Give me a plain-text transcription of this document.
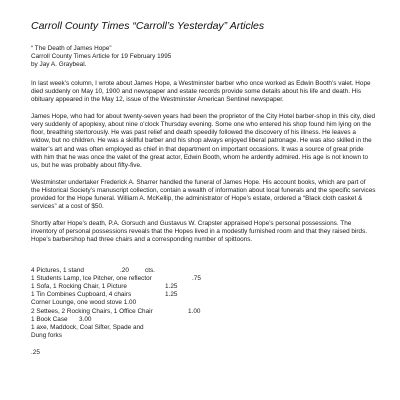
Carroll County Times “Carroll’s Yesterday” Articles
“ The Death of James Hope”
Carroll County Times Article for 19 February 1995
by Jay A. Graybeal.

In last week’s column, I wrote about James Hope, a Westminster barber who once worked as Edwin Booth’s valet. Hope died suddenly on May 10, 1900 and newspaper and estate records provide some details about his life and death. His obituary appeared in the May 12, issue of the Westminster American Sentinel newspaper.

James Hope, who had for about twenty-seven years had been the proprietor of the City Hotel barber-shop in this city, died very suddenly of apoplexy, about nine o’clock Thursday evening. Some one who entered his shop found him lying on the floor, breathing stertorously. He was past relief and death speedily followed the discovery of his illness. He leaves a widow, but no children. He was a skillful barber and his shop always enjoyed liberal patronage. He was also skilled in the waiter’s art and was often employed as chief in that department on important occasions. It was a source of great pride with him that he was once the valet of the great actor, Edwin Booth, whom he ardently admired. His age is not known to us, but he was probably about fifty-five.

Westminster undertaker Frederick A. Sharrer handled the funeral of James Hope. His account books, which are part of the Historical Society’s manuscript collection, contain a wealth of information about local funerals and the specific services provided for the Hope funeral. William A. McKellip, the administrator of Hope’s estate, ordered a “Black cloth casket & services” at a cost of $50.

Shortly after Hope’s death, P.A. Gorsuch and Gustavus W. Crapster appraised Hope’s personal possessions. The inventory of personal possessions reveals that the Hopes lived in a modestly furnished room and that they raised birds. Hope’s barbershop had three chairs and a corresponding number of spittoons.

4 Pictures, 1 stand	.20	cts.
1 Students Lamp, Ice Pitcher, one reflector	.75
1 Sofa, 1 Rocking Chair, 1 Picture	1.25
1 Tin Combines Cupboard, 4 chairs	1.25
Corner Lounge, one wood stove 1.00
2 Settees, 2 Rocking Chairs, 1 Office Chair	1.00
1 Book Case	3.00
1 axe, Maddock, Coal Sifter, Spade and
Dung forks
.25
